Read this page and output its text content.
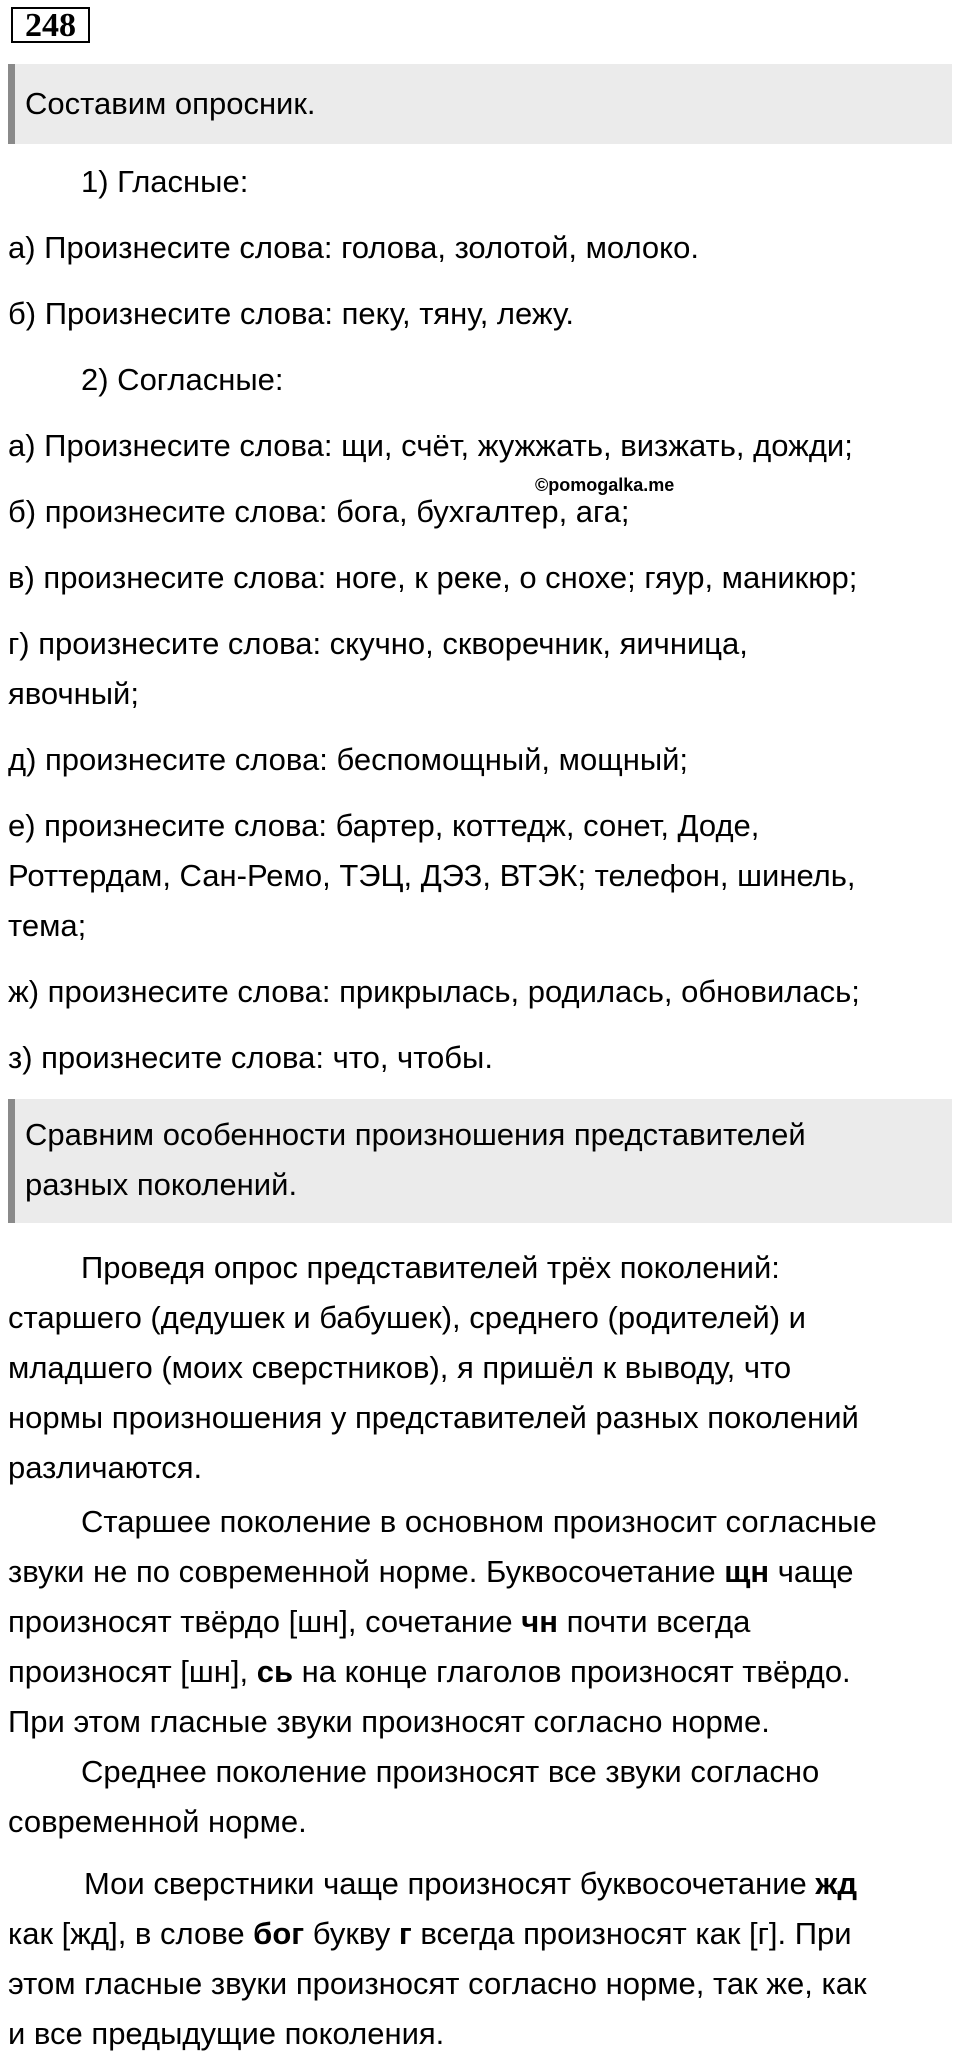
248
Составим опросник.
1) Гласные:
а) Произнесите слова: голова, золотой, молоко.
б) Произнесите слова: пеку, тяну, лежу.
2) Согласные:
а) Произнесите слова: щи, счёт, жужжать, визжать, дожди;
©pomogalka.me
б) произнесите слова: бога, бухгалтер, ага;
в) произнесите слова: ноге, к реке, о снохе; гяур, маникюр;
г) произнесите слова: скучно, скворечник, яичница,
явочный;
д) произнесите слова: беспомощный, мощный;
е) произнесите слова: бартер, коттедж, сонет, Доде,
Роттердам, Сан-Ремо, ТЭЦ, ДЭЗ, ВТЭК; телефон, шинель,
тема;
ж) произнесите слова: прикрылась, родилась, обновилась;
з) произнесите слова: что, чтобы.
Сравним особенности произношения представителей
разных поколений.
Проведя опрос представителей трёх поколений:
старшего (дедушек и бабушек), среднего (родителей) и
младшего (моих сверстников), я пришёл к выводу, что
нормы произношения у представителей разных поколений
различаются.
Старшее поколение в основном произносит согласные
звуки не по современной норме. Буквосочетание щн чаще
произносят твёрдо [шн], сочетание чн почти всегда
произносят [шн], сь на конце глаголов произносят твёрдо.
При этом гласные звуки произносят согласно норме.
Среднее поколение произносят все звуки согласно
современной норме.
Мои сверстники чаще произносят буквосочетание жд
как [жд], в слове бог букву г всегда произносят как [г]. При
этом гласные звуки произносят согласно норме, так же, как
и все предыдущие поколения.
